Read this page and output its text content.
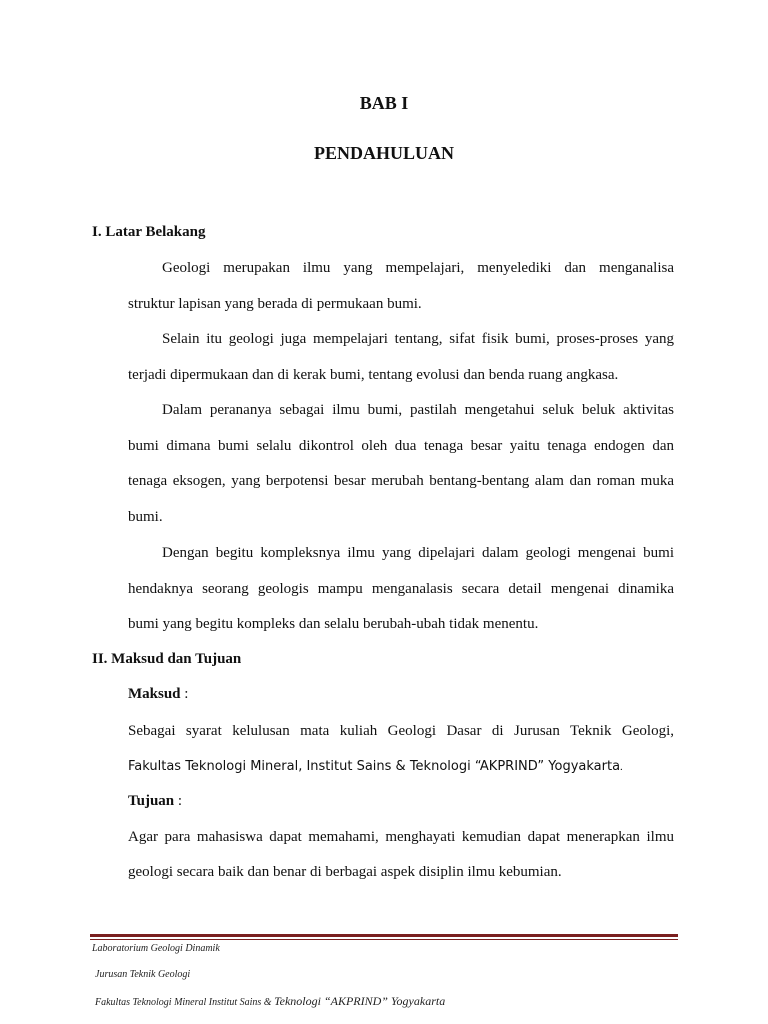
BAB I
PENDAHULUAN
I. Latar Belakang
Geologi merupakan ilmu yang mempelajari, menyelediki dan menganalisa
struktur lapisan yang berada di permukaan bumi.
Selain itu geologi juga mempelajari tentang, sifat fisik bumi, proses-proses yang
terjadi dipermukaan dan di kerak bumi, tentang evolusi dan benda ruang angkasa.
Dalam perananya sebagai ilmu bumi, pastilah mengetahui seluk beluk aktivitas
bumi dimana bumi selalu dikontrol oleh dua tenaga besar yaitu tenaga endogen dan
tenaga eksogen, yang berpotensi besar merubah bentang-bentang alam dan roman muka
bumi.
Dengan begitu kompleksnya ilmu yang dipelajari dalam geologi mengenai bumi
hendaknya seorang geologis mampu menganalasis secara detail mengenai dinamika
bumi yang begitu kompleks dan selalu berubah-ubah tidak menentu.
II. Maksud dan Tujuan
Maksud :
Sebagai syarat kelulusan mata kuliah Geologi Dasar di Jurusan Teknik Geologi,
Fakultas Teknologi Mineral, Institut Sains & Teknologi “AKPRIND” Yogyakarta.
Tujuan :
Agar para mahasiswa dapat memahami, menghayati kemudian dapat menerapkan ilmu
geologi secara baik dan benar di berbagai aspek disiplin ilmu kebumian.
Laboratorium Geologi Dinamik
Jurusan Teknik Geologi
Fakultas Teknologi Mineral Institut Sains & Teknologi “AKPRIND” Yogyakarta
